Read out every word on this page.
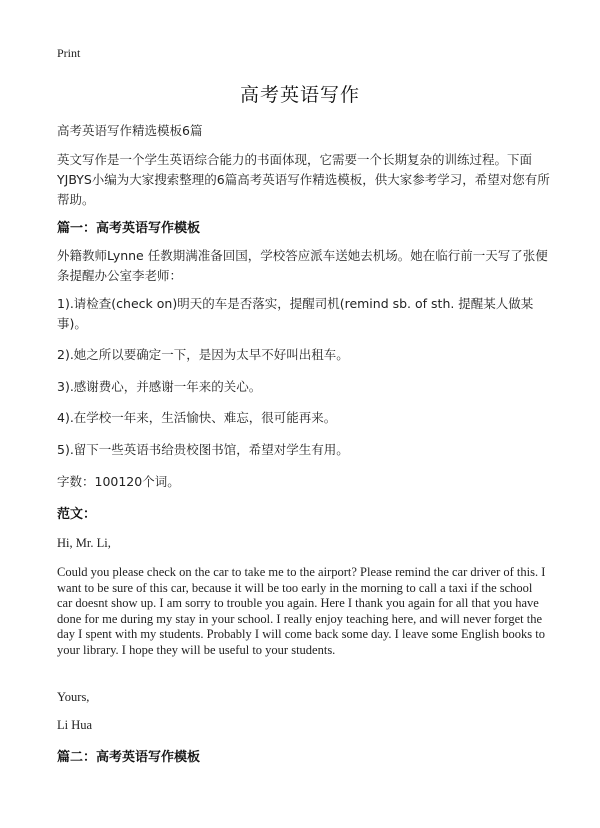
Print
高考英语写作
高考英语写作精选模板6篇
英文写作是一个学生英语综合能力的书面体现，它需要一个长期复杂的训练过程。下面YJBYS小编为大家搜索整理的6篇高考英语写作精选模板，供大家参考学习，希望对您有所帮助。
篇一：高考英语写作模板
外籍教师Lynne 任教期满准备回国，学校答应派车送她去机场。她在临行前一天写了张便条提醒办公室李老师：
1).请检查(check on)明天的车是否落实，提醒司机(remind sb. of sth. 提醒某人做某事)。
2).她之所以要确定一下，是因为太早不好叫出租车。
3).感谢费心，并感谢一年来的关心。
4).在学校一年来，生活愉快、难忘，很可能再来。
5).留下一些英语书给贵校图书馆，希望对学生有用。
字数：100120个词。
范文：
Hi, Mr. Li,
Could you please check on the car to take me to the airport? Please remind the car driver of this. I want to be sure of this car, because it will be too early in the morning to call a taxi if the school car doesnt show up. I am sorry to trouble you again. Here I thank you again for all that you have done for me during my stay in your school. I really enjoy teaching here, and will never forget the day I spent with my students. Probably I will come back some day. I leave some English books to your library. I hope they will be useful to your students.
Yours,
Li Hua
篇二：高考英语写作模板
